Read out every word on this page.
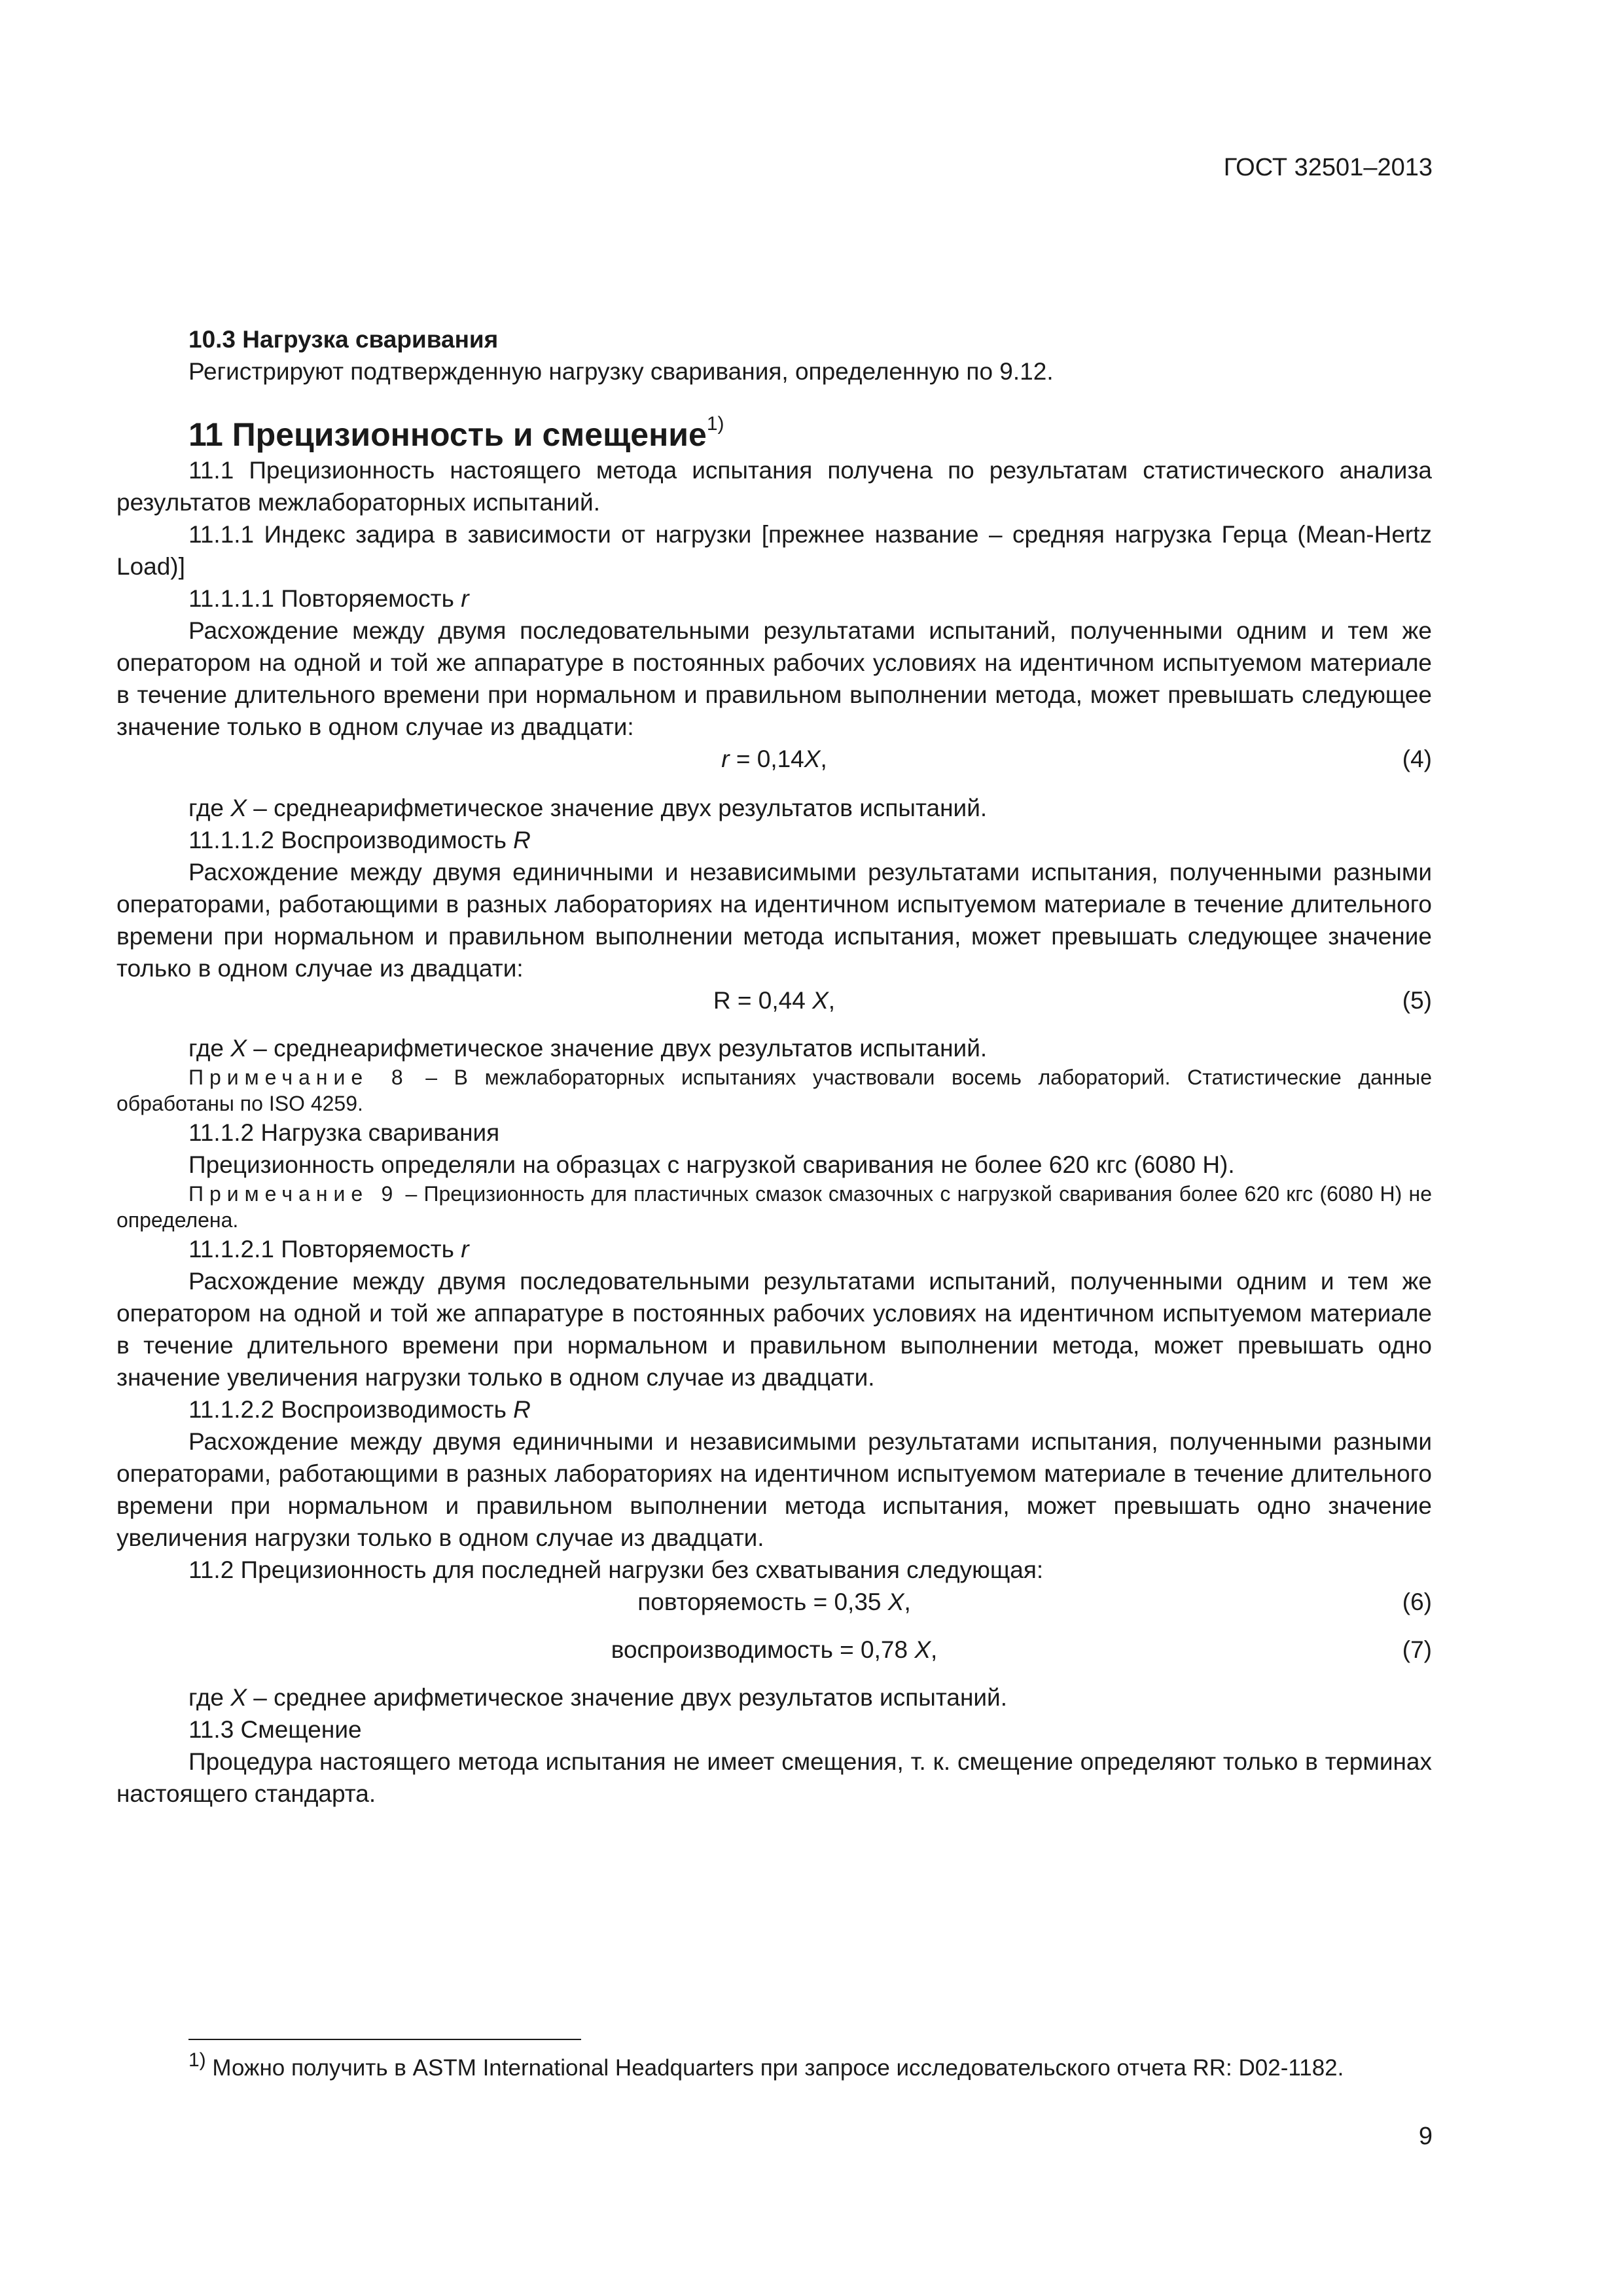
ГОСТ 32501–2013

10.3 Нагрузка сваривания

Регистрируют подтвержденную нагрузку сваривания, определенную по 9.12.

11 Прецизионность и смещение$^{1)}$

11.1 Прецизионность настоящего метода испытания получена по результатам статистического анализа результатов межлабораторных испытаний.

11.1.1 Индекс задира в зависимости от нагрузки [прежнее название – средняя нагрузка Герца (Mean-Hertz Load)]

11.1.1.1 Повторяемость r

Расхождение между двумя последовательными результатами испытаний, полученными одним и тем же оператором на одной и той же аппаратуре в постоянных рабочих условиях на идентичном испытуемом материале в течение длительного времени при нормальном и правильном выполнении метода, может превышать следующее значение только в одном случае из двадцати:

r = 0,14X,	(4)

где X – среднеарифметическое значение двух результатов испытаний.

11.1.1.2 Воспроизводимость R

Расхождение между двумя единичными и независимыми результатами испытания, полученными разными операторами, работающими в разных лабораториях на идентичном испытуемом материале в течение длительного времени при нормальном и правильном выполнении метода испытания, может превышать следующее значение только в одном случае из двадцати:

R = 0,44 X,	(5)

где X – среднеарифметическое значение двух результатов испытаний.

Примечание 8 – В межлабораторных испытаниях участвовали восемь лабораторий. Статистические данные обработаны по ISO 4259.

11.1.2 Нагрузка сваривания

Прецизионность определяли на образцах с нагрузкой сваривания не более 620 кгс (6080 Н).

Примечание 9 – Прецизионность для пластичных смазок смазочных с нагрузкой сваривания более 620 кгс (6080 Н) не определена.

11.1.2.1 Повторяемость r

Расхождение между двумя последовательными результатами испытаний, полученными одним и тем же оператором на одной и той же аппаратуре в постоянных рабочих условиях на идентичном испытуемом материале в течение длительного времени при нормальном и правильном выполнении метода, может превышать одно значение увеличения нагрузки только в одном случае из двадцати.

11.1.2.2 Воспроизводимость R

Расхождение между двумя единичными и независимыми результатами испытания, полученными разными операторами, работающими в разных лабораториях на идентичном испытуемом материале в течение длительного времени при нормальном и правильном выполнении метода испытания, может превышать одно значение увеличения нагрузки только в одном случае из двадцати.

11.2 Прецизионность для последней нагрузки без схватывания следующая:

повторяемость = 0,35 X,	(6)
воспроизводимость = 0,78 X,	(7)

где X – среднее арифметическое значение двух результатов испытаний.

11.3 Смещение

Процедура настоящего метода испытания не имеет смещения, т. к. смещение определяют только в терминах настоящего стандарта.

1) Можно получить в ASTM International Headquarters при запросе исследовательского отчета RR: D02-1182.

9
